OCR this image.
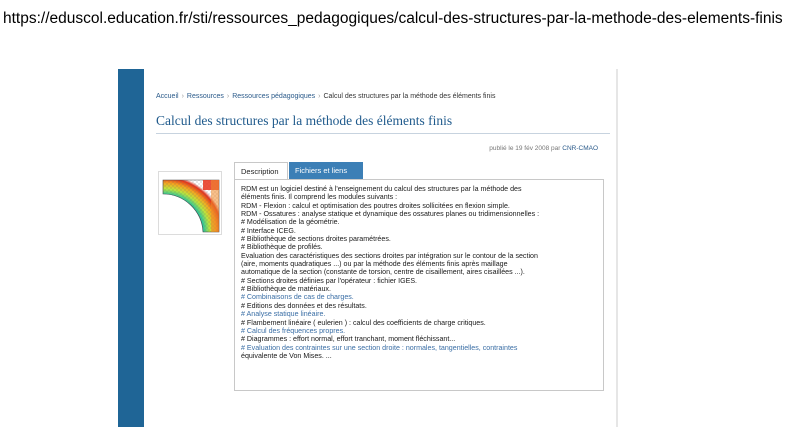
https://eduscol.education.fr/sti/ressources_pedagogiques/calcul-des-structures-par-la-methode-des-elements-finis
Accueil › Ressources › Ressources pédagogiques › Calcul des structures par la méthode des éléments finis
Calcul des structures par la méthode des éléments finis
publié le 19 fév 2008 par CNR-CMAO
Description	Fichiers et liens
RDM est un logiciel destiné à l'enseignement du calcul des structures par la méthode des
éléments finis. Il comprend les modules suivants :
RDM - Flexion : calcul et optimisation des poutres droites sollicitées en flexion simple.
RDM - Ossatures : analyse statique et dynamique des ossatures planes ou tridimensionnelles :
# Modélisation de la géométrie.
# Interface ICEG.
# Bibliothèque de sections droites paramétrées.
# Bibliothèque de profilés.
Evaluation des caractéristiques des sections droites par intégration sur le contour de la section
(aire, moments quadratiques ...) ou par la méthode des éléments finis après maillage
automatique de la section (constante de torsion, centre de cisaillement, aires cisaillées ...).
# Sections droites définies par l'opérateur : fichier IGES.
# Bibliothèque de matériaux.
# Combinaisons de cas de charges.
# Editions des données et des résultats.
# Analyse statique linéaire.
# Flambement linéaire ( eulerien ) : calcul des coefficients de charge critiques.
# Calcul des fréquences propres.
# Diagrammes : effort normal, effort tranchant, moment fléchissant...
# Evaluation des contraintes sur une section droite : normales, tangentielles, contraintes
équivalente de Von Mises. ...
